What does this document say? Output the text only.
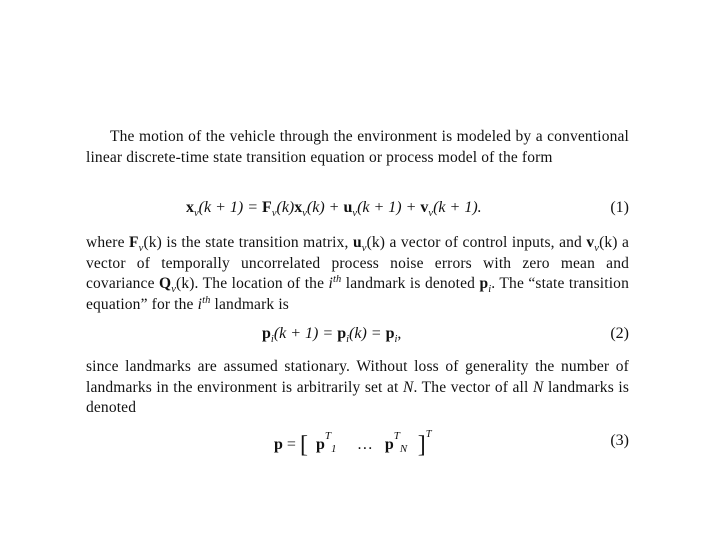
The motion of the vehicle through the environment is modeled by a conventional linear discrete-time state transition equation or process model of the form

$x_v(k + 1) = F_v(k)x_v(k) + u_v(k + 1) + v_v(k + 1)$.	(1)

where $F_v(k)$ is the state transition matrix, $u_v(k)$ a vector of control inputs, and $v_v(k)$ a vector of temporally uncorrelated process noise errors with zero mean and covariance $Q_v(k)$. The location of the $i^{th}$ landmark is denoted $p_i$. The “state transition equation” for the $i^{th}$ landmark is

$p_i(k + 1) = p_i(k) = p_i$,	(2)

since landmarks are assumed stationary. Without loss of generality the number of landmarks in the environment is arbitrarily set at N. The vector of all N landmarks is denoted

p = [ $p^T1$ … $p^TN$ ]$^T$	(3)
